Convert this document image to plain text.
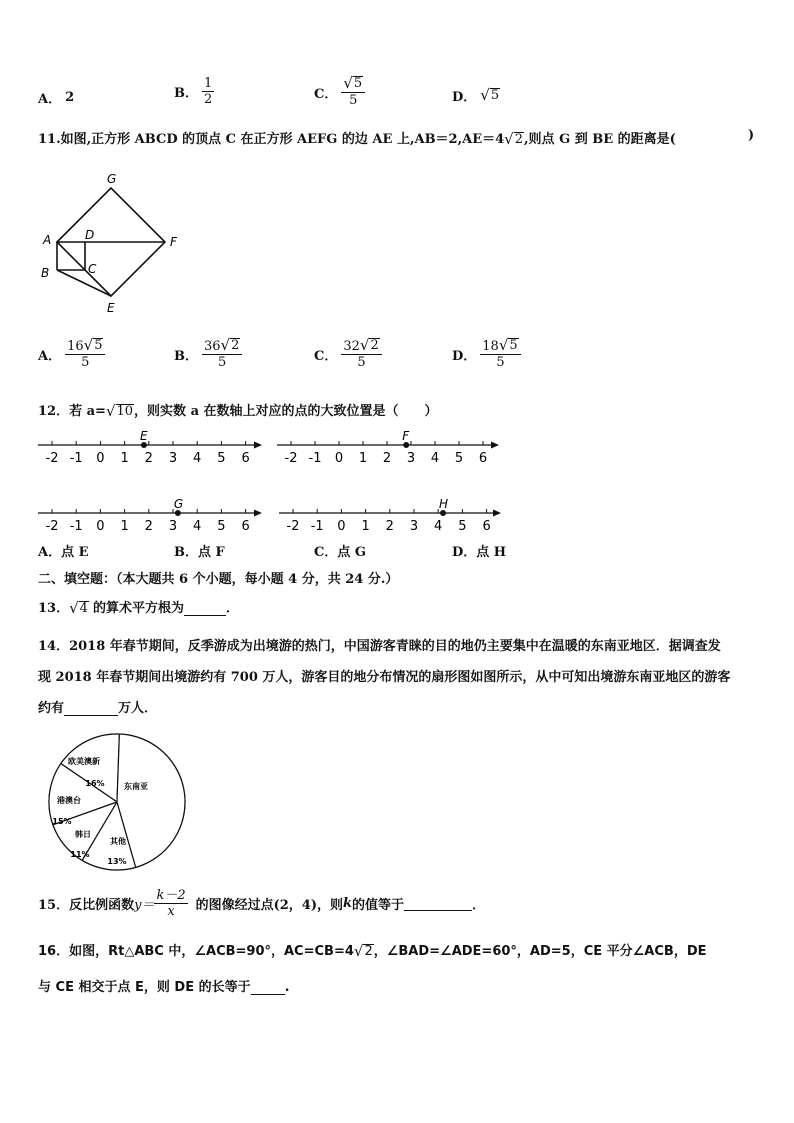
A． 2	B． $\frac{1}{2}$	C． $\frac{√ 5}{5}$	D． √ 5
11.如图,正方形 ABCD 的顶点 C 在正方形 AEFG 的边 AE 上,AB＝2,AE＝4 √ 2 ,则点 G 到 BE 的距离是(	)
G
A	D	F
B	C
E
A． $\frac{16 √ 5}{5}$	B． $\frac{36 √ 2}{5}$	C． $\frac{32 √ 2}{5}$	D． $\frac{18 √ 5}{5}$
12．若 a= √ 10 ，则实数 a 在数轴上对应的点的大致位置是（　　）
-2 -1 0 1 2 3 4 5 6
E
-2 -1 0 1 2 3 4 5 6
F
-2 -1 0 1 2 3 4 5 6
G
-2 -1 0 1 2 3 4 5 6
H
A．点 E	B．点 F	C．点 G	D．点 H
二、填空题：（本大题共 6 个小题，每小题 4 分，共 24 分.）
13． √ 4 的算术平方根为	．
14．2018 年春节期间，反季游成为出境游的热门，中国游客青睐的目的地仍主要集中在温暖的东南亚地区．据调查发
现 2018 年春节期间出境游约有 700 万人，游客目的地分布情况的扇形图如图所示，从中可知出境游东南亚地区的游客
约有	万人．
欧美澳新
16%
港澳台
15%
韩日
11%
其他
13%
东南亚
15．反比例函数 $y= \frac{k-2}{x}$ 的图像经过点(2，4)，则 k 的值等于	．
16．如图，Rt△ABC 中，∠ACB=90°，AC=CB=4 √ 2 ，∠BAD=∠ADE=60°，AD=5，CE 平分∠ACB，DE
与 CE 相交于点 E，则 DE 的长等于	.
